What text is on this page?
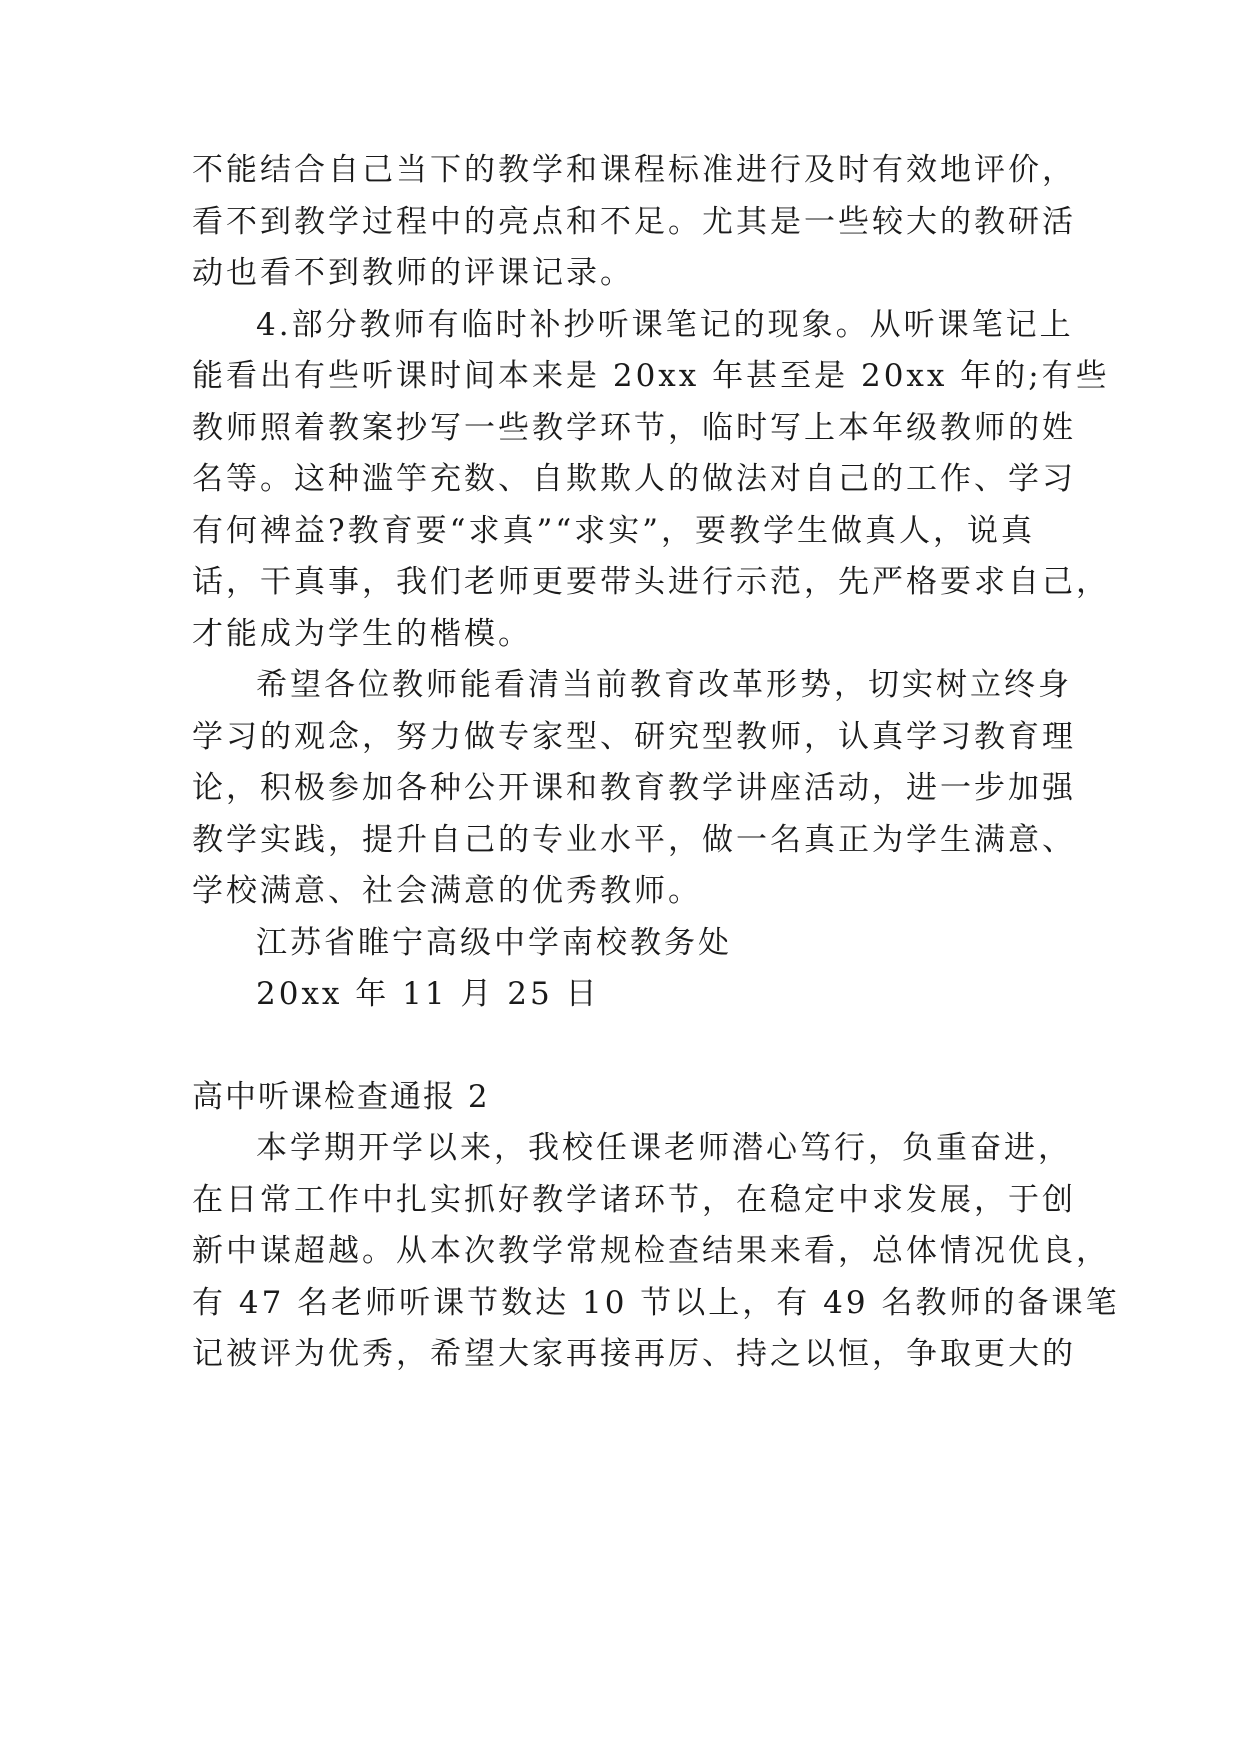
不能结合自己当下的教学和课程标准进行及时有效地评价，

看不到教学过程中的亮点和不足。尤其是一些较大的教研活

动也看不到教师的评课记录。

4.部分教师有临时补抄听课笔记的现象。从听课笔记上

能看出有些听课时间本来是 20xx 年甚至是 20xx 年的;有些

教师照着教案抄写一些教学环节，临时写上本年级教师的姓

名等。这种滥竽充数、自欺欺人的做法对自己的工作、学习

有何裨益?教育要“求真”“求实”，要教学生做真人，说真

话，干真事，我们老师更要带头进行示范，先严格要求自己，

才能成为学生的楷模。

希望各位教师能看清当前教育改革形势，切实树立终身

学习的观念，努力做专家型、研究型教师，认真学习教育理

论，积极参加各种公开课和教育教学讲座活动，进一步加强

教学实践，提升自己的专业水平，做一名真正为学生满意、

学校满意、社会满意的优秀教师。

江苏省睢宁高级中学南校教务处

20xx 年 11 月 25 日

高中听课检查通报 2

本学期开学以来，我校任课老师潜心笃行，负重奋进，

在日常工作中扎实抓好教学诸环节，在稳定中求发展，于创

新中谋超越。从本次教学常规检查结果来看，总体情况优良，

有 47 名老师听课节数达 10 节以上，有 49 名教师的备课笔

记被评为优秀，希望大家再接再厉、持之以恒，争取更大的
